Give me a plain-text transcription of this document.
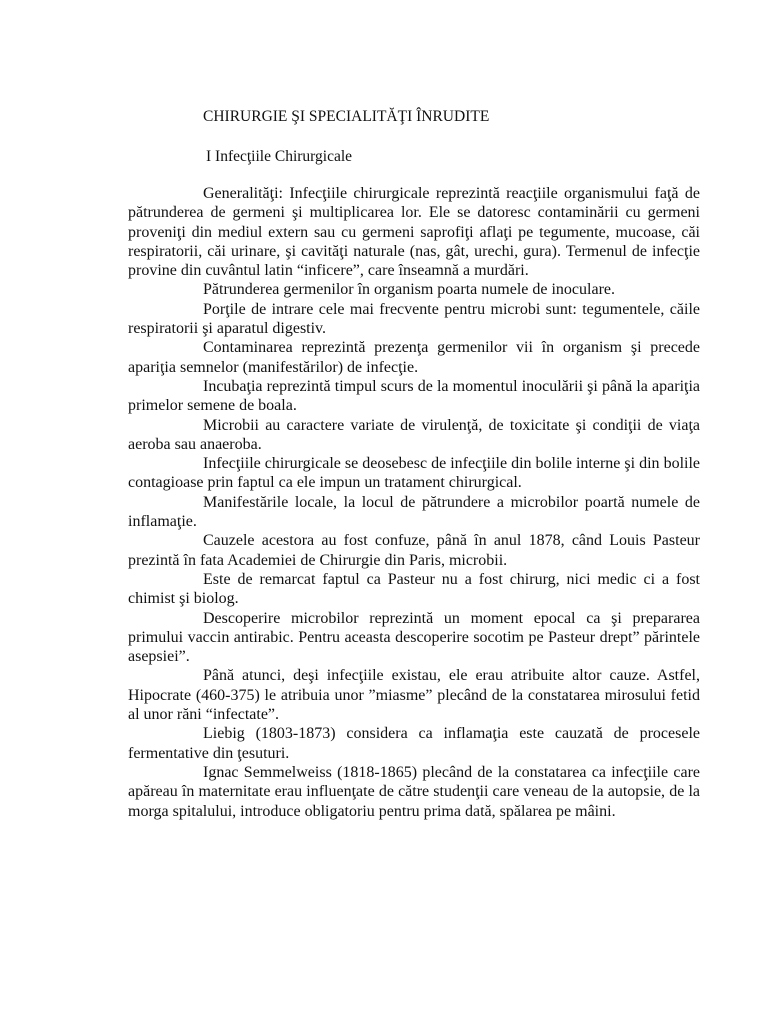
CHIRURGIE ŞI SPECIALITĂŢI ÎNRUDITE
I Infecţiile Chirurgicale

Generalităţi: Infecţiile chirurgicale reprezintă reacţiile organismului faţă de pătrunderea de germeni şi multiplicarea lor. Ele se datoresc contaminării cu germeni proveniţi din mediul extern sau cu germeni saprofiţi aflaţi pe tegumente, mucoase, căi respiratorii, căi urinare, şi cavităţi naturale (nas, gât, urechi, gura). Termenul de infecţie provine din cuvântul latin “inficere”, care înseamnă a murdări.

Pătrunderea germenilor în organism poarta numele de inoculare.

Porţile de intrare cele mai frecvente pentru microbi sunt: tegumentele, căile respiratorii şi aparatul digestiv.

Contaminarea reprezintă prezenţa germenilor vii în organism şi precede apariţia semnelor (manifestărilor) de infecţie.

Incubaţia reprezintă timpul scurs de la momentul inoculării şi până la apariţia primelor semene de boala.

Microbii au caractere variate de virulenţă, de toxicitate şi condiţii de viaţa aeroba sau anaeroba.

Infecţiile chirurgicale se deosebesc de infecţiile din bolile interne şi din bolile contagioase prin faptul ca ele impun un tratament chirurgical.

Manifestările locale, la locul de pătrundere a microbilor poartă numele de inflamaţie.

Cauzele acestora au fost confuze, până în anul 1878, când Louis Pasteur prezintă în fata Academiei de Chirurgie din Paris, microbii.

Este de remarcat faptul ca Pasteur nu a fost chirurg, nici medic ci a fost chimist şi biolog.

Descoperire microbilor reprezintă un moment epocal ca şi prepararea primului vaccin antirabic. Pentru aceasta descoperire socotim pe Pasteur drept” părintele asepsiei”.

Până atunci, deşi infecţiile existau, ele erau atribuite altor cauze. Astfel, Hipocrate (460-375) le atribuia unor ”miasme” plecând de la constatarea mirosului fetid al unor răni “infectate”.

Liebig (1803-1873) considera ca inflamaţia este cauzată de procesele fermentative din ţesuturi.

Ignac Semmelweiss (1818-1865) plecând de la constatarea ca infecţiile care apăreau în maternitate erau influenţate de către studenţii care veneau de la autopsie, de la morga spitalului, introduce obligatoriu pentru prima dată, spălarea pe mâini.
